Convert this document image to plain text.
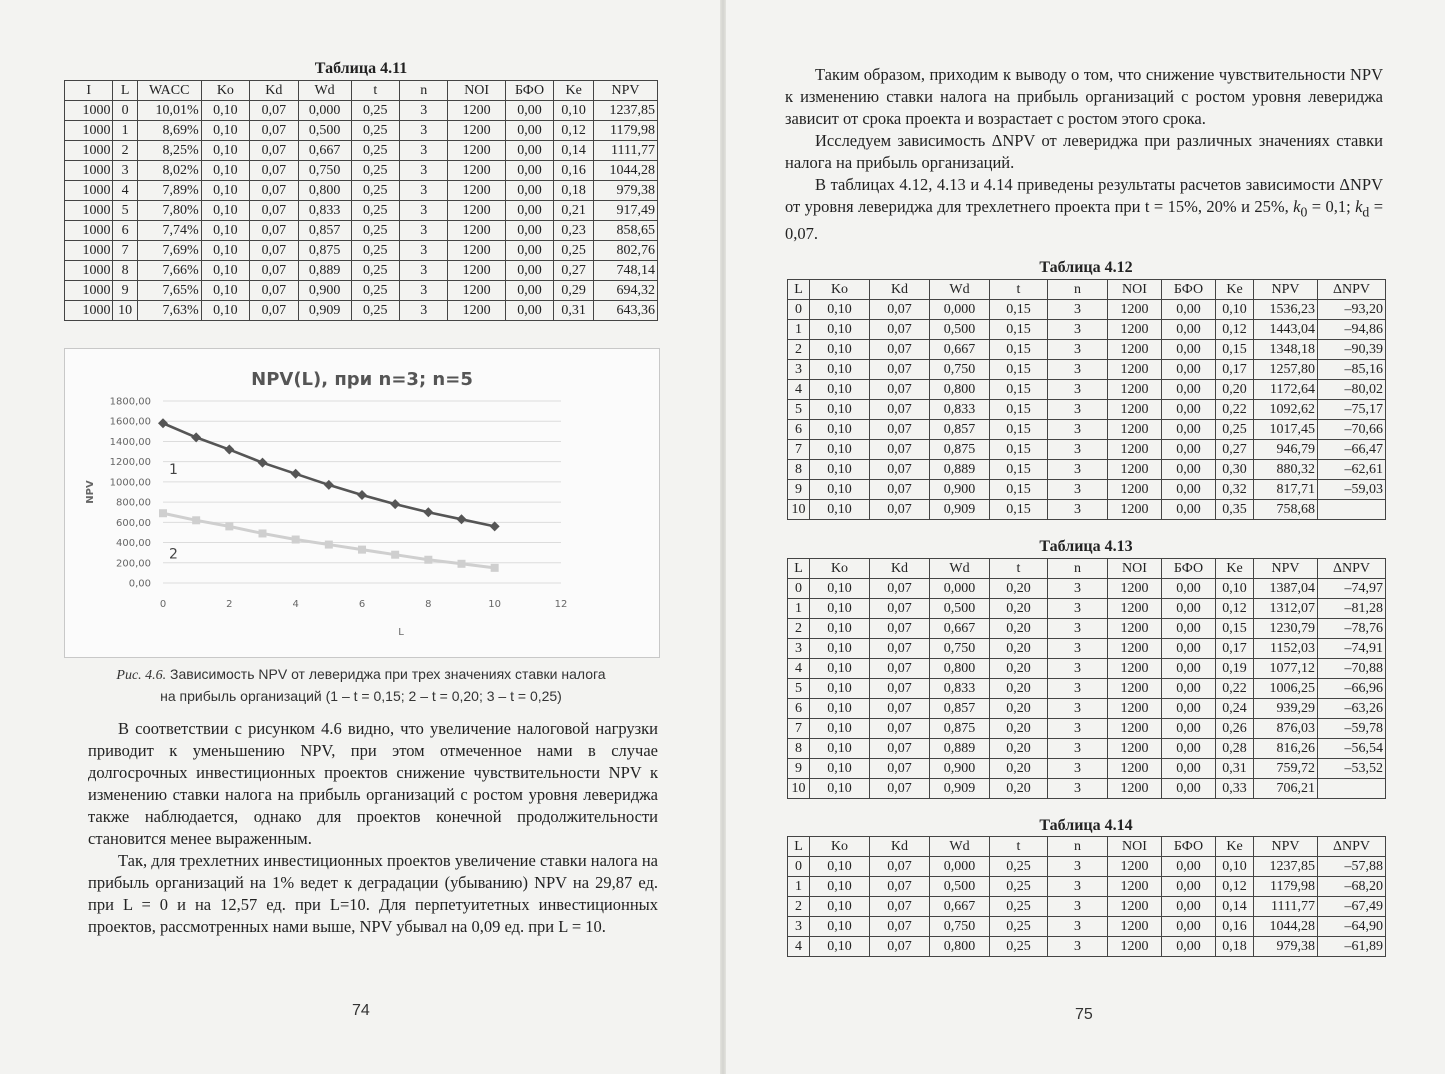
Таблица 4.11
I	L	WACC	Ko	Kd	Wd	t	n	NOI	БФО	Ke	NPV
1000	0	10,01%	0,10	0,07	0,000	0,25	3	1200	0,00	0,10	1237,85
1000	1	8,69%	0,10	0,07	0,500	0,25	3	1200	0,00	0,12	1179,98
1000	2	8,25%	0,10	0,07	0,667	0,25	3	1200	0,00	0,14	1111,77
1000	3	8,02%	0,10	0,07	0,750	0,25	3	1200	0,00	0,16	1044,28
1000	4	7,89%	0,10	0,07	0,800	0,25	3	1200	0,00	0,18	979,38
1000	5	7,80%	0,10	0,07	0,833	0,25	3	1200	0,00	0,21	917,49
1000	6	7,74%	0,10	0,07	0,857	0,25	3	1200	0,00	0,23	858,65
1000	7	7,69%	0,10	0,07	0,875	0,25	3	1200	0,00	0,25	802,76
1000	8	7,66%	0,10	0,07	0,889	0,25	3	1200	0,00	0,27	748,14
1000	9	7,65%	0,10	0,07	0,900	0,25	3	1200	0,00	0,29	694,32
1000	10	7,63%	0,10	0,07	0,909	0,25	3	1200	0,00	0,31	643,36
NPV(L), при n=3; n=5
0,00
200,00
400,00
600,00
800,00
1000,00
1200,00
1400,00
1600,00
1800,00
0	2	4	6	8	10	12
L
NPV
1
2
Рис. 4.6. Зависимость NPV от левериджа при трех значениях ставки налога
на прибыль организаций (1 – t = 0,15; 2 – t = 0,20; 3 – t = 0,25)

В соответствии с рисунком 4.6 видно, что увеличение налоговой нагрузки приводит к уменьшению NPV, при этом отмеченное нами в случае долгосрочных инвестиционных проектов снижение чувствительности NPV к изменению ставки налога на прибыль организаций с ростом уровня левериджа также наблюдается, однако для проектов конечной продолжительности становится менее выраженным.

Так, для трехлетних инвестиционных проектов увеличение ставки налога на прибыль организаций на 1% ведет к деградации (убыванию) NPV на 29,87 ед. при L = 0 и на 12,57 ед. при L=10. Для перпетуитетных инвестиционных проектов, рассмотренных нами выше, NPV убывал на 0,09 ед. при L = 10.

74

Таким образом, приходим к выводу о том, что снижение чувствительности NPV к изменению ставки налога на прибыль организаций с ростом уровня левериджа зависит от срока проекта и возрастает с ростом этого срока.

Исследуем зависимость ΔNPV от левериджа при различных значениях ставки налога на прибыль организаций.

В таблицах 4.12, 4.13 и 4.14 приведены результаты расчетов зависимости ΔNPV от уровня левериджа для трехлетнего проекта при t = 15%, 20% и 25%, $k_0 = 0,1$; $k_d = 0,07$.

Таблица 4.12
L	Ko	Kd	Wd	t	n	NOI	БФО	Ke	NPV	ΔNPV
0	0,10	0,07	0,000	0,15	3	1200	0,00	0,10	1536,23	–93,20
1	0,10	0,07	0,500	0,15	3	1200	0,00	0,12	1443,04	–94,86
2	0,10	0,07	0,667	0,15	3	1200	0,00	0,15	1348,18	–90,39
3	0,10	0,07	0,750	0,15	3	1200	0,00	0,17	1257,80	–85,16
4	0,10	0,07	0,800	0,15	3	1200	0,00	0,20	1172,64	–80,02
5	0,10	0,07	0,833	0,15	3	1200	0,00	0,22	1092,62	–75,17
6	0,10	0,07	0,857	0,15	3	1200	0,00	0,25	1017,45	–70,66
7	0,10	0,07	0,875	0,15	3	1200	0,00	0,27	946,79	–66,47
8	0,10	0,07	0,889	0,15	3	1200	0,00	0,30	880,32	–62,61
9	0,10	0,07	0,900	0,15	3	1200	0,00	0,32	817,71	–59,03
10	0,10	0,07	0,909	0,15	3	1200	0,00	0,35	758,68	
Таблица 4.13
L	Ko	Kd	Wd	t	n	NOI	БФО	Ke	NPV	ΔNPV
0	0,10	0,07	0,000	0,20	3	1200	0,00	0,10	1387,04	–74,97
1	0,10	0,07	0,500	0,20	3	1200	0,00	0,12	1312,07	–81,28
2	0,10	0,07	0,667	0,20	3	1200	0,00	0,15	1230,79	–78,76
3	0,10	0,07	0,750	0,20	3	1200	0,00	0,17	1152,03	–74,91
4	0,10	0,07	0,800	0,20	3	1200	0,00	0,19	1077,12	–70,88
5	0,10	0,07	0,833	0,20	3	1200	0,00	0,22	1006,25	–66,96
6	0,10	0,07	0,857	0,20	3	1200	0,00	0,24	939,29	–63,26
7	0,10	0,07	0,875	0,20	3	1200	0,00	0,26	876,03	–59,78
8	0,10	0,07	0,889	0,20	3	1200	0,00	0,28	816,26	–56,54
9	0,10	0,07	0,900	0,20	3	1200	0,00	0,31	759,72	–53,52
10	0,10	0,07	0,909	0,20	3	1200	0,00	0,33	706,21	
Таблица 4.14
L	Ko	Kd	Wd	t	n	NOI	БФО	Ke	NPV	ΔNPV
0	0,10	0,07	0,000	0,25	3	1200	0,00	0,10	1237,85	–57,88
1	0,10	0,07	0,500	0,25	3	1200	0,00	0,12	1179,98	–68,20
2	0,10	0,07	0,667	0,25	3	1200	0,00	0,14	1111,77	–67,49
3	0,10	0,07	0,750	0,25	3	1200	0,00	0,16	1044,28	–64,90
4	0,10	0,07	0,800	0,25	3	1200	0,00	0,18	979,38	–61,89
75
